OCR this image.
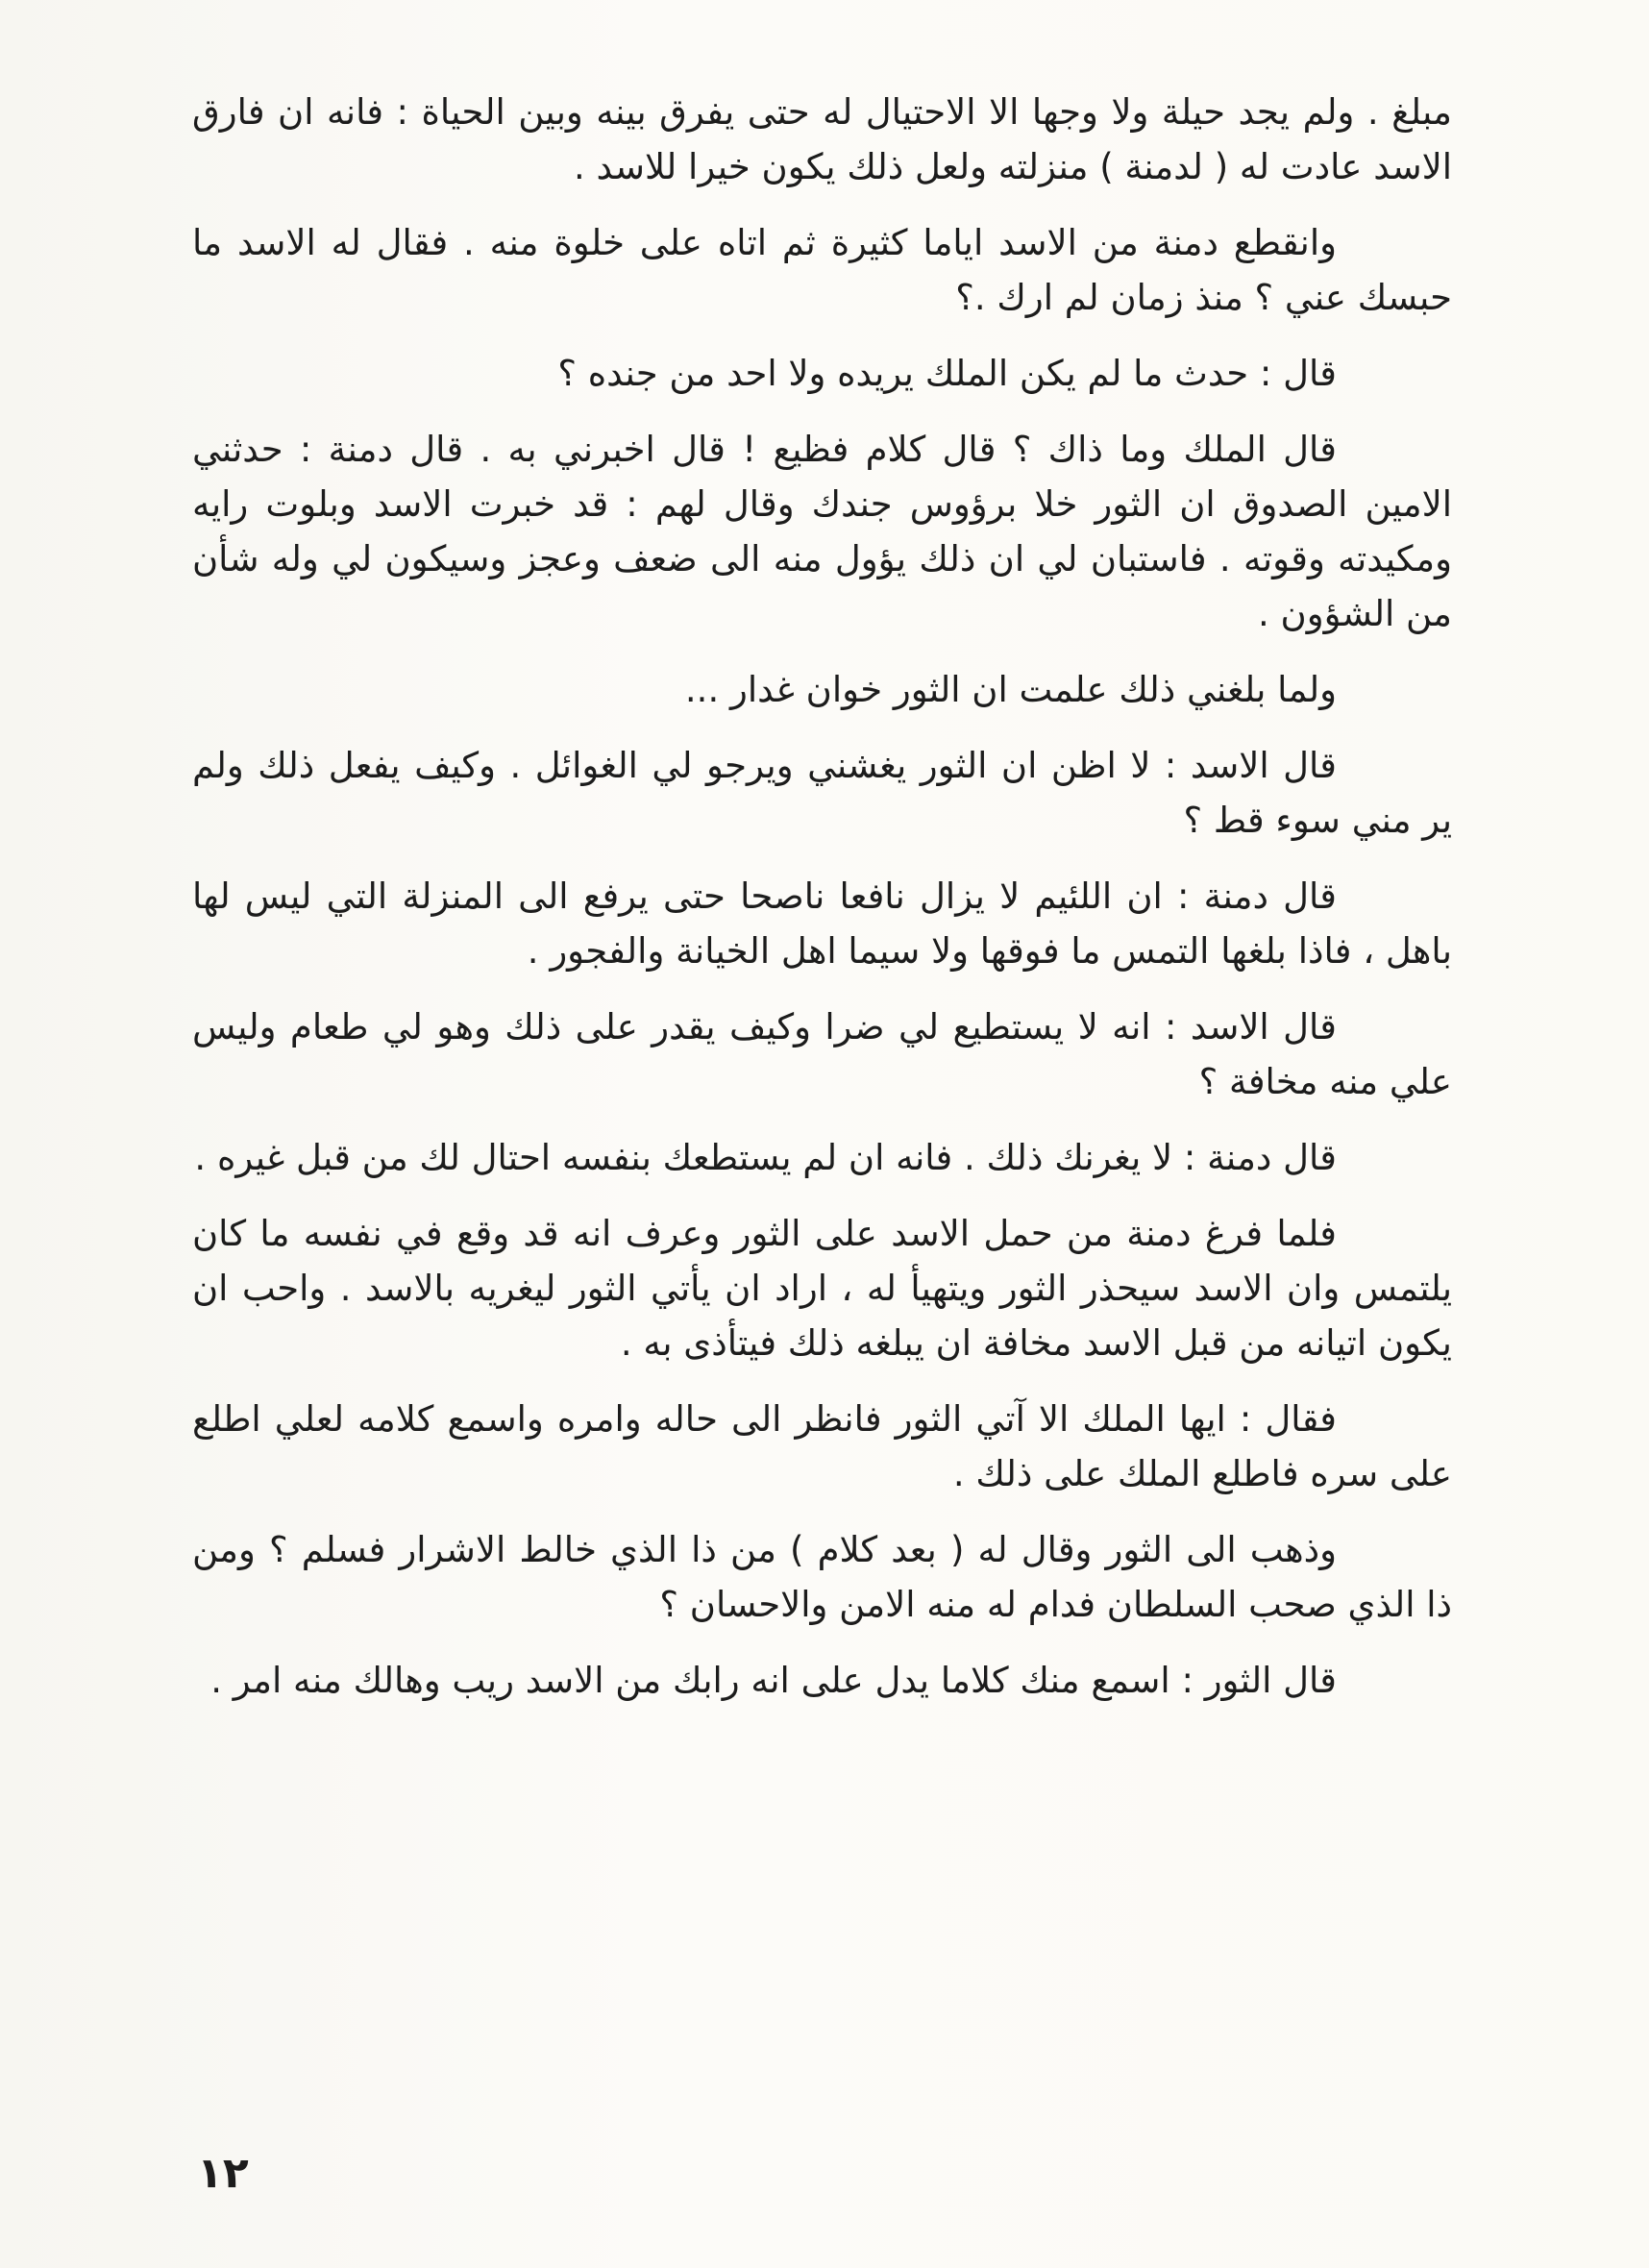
مبلغ . ولم يجد حيلة ولا وجها الا الاحتيال له حتى يفرق بينه وبين الحياة : فانه ان فارق الاسد عادت له ( لدمنة ) منزلته ولعل ذلك يكون خيرا للاسد .

وانقطع دمنة من الاسد اياما كثيرة ثم اتاه على خلوة منه . فقال له الاسد ما حبسك عني ؟ منذ زمان لم ارك .؟

قال : حدث ما لم يكن الملك يريده ولا احد من جنده ؟

قال الملك وما ذاك ؟ قال كلام فظيع ! قال اخبرني به . قال دمنة : حدثني الامين الصدوق ان الثور خلا برؤوس جندك وقال لهم : قد خبرت الاسد وبلوت رايه ومكيدته وقوته . فاستبان لي ان ذلك يؤول منه الى ضعف وعجز وسيكون لي وله شأن من الشؤون .

ولما بلغني ذلك علمت ان الثور خوان غدار ...

قال الاسد : لا اظن ان الثور يغشني ويرجو لي الغوائل . وكيف يفعل ذلك ولم ير مني سوء قط ؟

قال دمنة : ان اللئيم لا يزال نافعا ناصحا حتى يرفع الى المنزلة التي ليس لها باهل ، فاذا بلغها التمس ما فوقها ولا سيما اهل الخيانة والفجور .

قال الاسد : انه لا يستطيع لي ضرا وكيف يقدر على ذلك وهو لي طعام وليس علي منه مخافة ؟

قال دمنة : لا يغرنك ذلك . فانه ان لم يستطعك بنفسه احتال لك من قبل غيره .

فلما فرغ دمنة من حمل الاسد على الثور وعرف انه قد وقع في نفسه ما كان يلتمس وان الاسد سيحذر الثور ويتهيأ له ، اراد ان يأتي الثور ليغريه بالاسد . واحب ان يكون اتيانه من قبل الاسد مخافة ان يبلغه ذلك فيتأذى به .

فقال : ايها الملك الا آتي الثور فانظر الى حاله وامره واسمع كلامه لعلي اطلع على سره فاطلع الملك على ذلك .

وذهب الى الثور وقال له ( بعد كلام ) من ذا الذي خالط الاشرار فسلم ؟ ومن ذا الذي صحب السلطان فدام له منه الامن والاحسان ؟

قال الثور : اسمع منك كلاما يدل على انه رابك من الاسد ريب وهالك منه امر .

١٢
